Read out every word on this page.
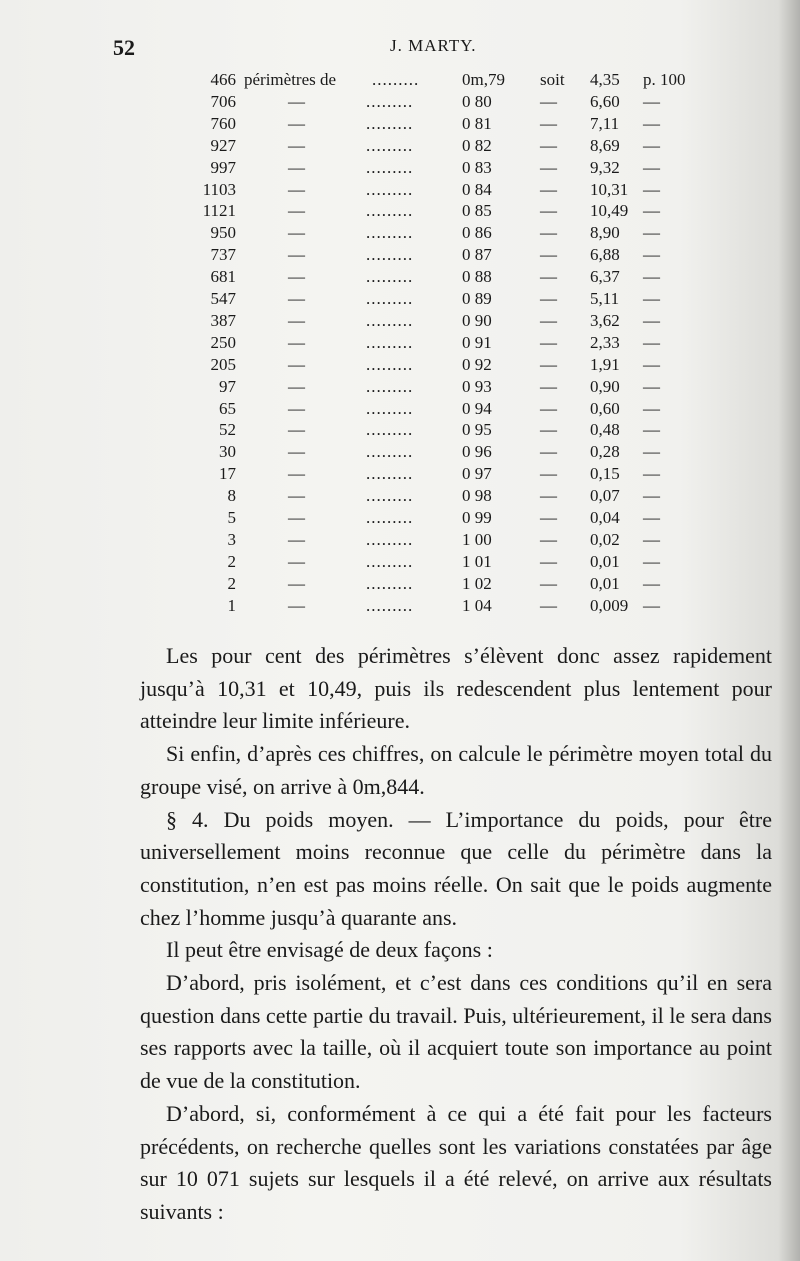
52	J. MARTY.
466 périmètres de .........	0m,79 soit 4,35 p. 100
706	—	.........	0 80	— 6,60 —
760	—	.........	0 81	— 7,11 —
927	—	.........	0 82	— 8,69 —
997	—	.........	0 83	— 9,32 —
1103	—	.........	0 84	— 10,31 —
1121	—	.........	0 85	— 10,49 —
950	—	.........	0 86	— 8,90 —
737	—	.........	0 87	— 6,88 —
681	—	.........	0 88	— 6,37 —
547	—	.........	0 89	— 5,11 —
387	—	.........	0 90	— 3,62 —
250	—	.........	0 91	— 2,33 —
205	—	.........	0 92	— 1,91 —
97	—	.........	0 93	— 0,90 —
65	—	.........	0 94	— 0,60 —
52	—	.........	0 95	— 0,48 —
30	—	.........	0 96	— 0,28 —
17	—	.........	0 97	— 0,15 —
8	—	.........	0 98	— 0,07 —
5	—	.........	0 99	— 0,04 —
3	—	.........	1 00	— 0,02 —
2	—	.........	1 01	— 0,01 —
2	—	.........	1 02	— 0,01 —
1	—	.........	1 04	— 0,009 —

Les pour cent des périmètres s’élèvent donc assez rapidement jusqu’à 10,31 et 10,49, puis ils redescendent plus lentement pour atteindre leur limite inférieure.

Si enfin, d’après ces chiffres, on calcule le périmètre moyen total du groupe visé, on arrive à 0m,844.

§ 4. Du poids moyen. — L’importance du poids, pour être universellement moins reconnue que celle du périmètre dans la constitution, n’en est pas moins réelle. On sait que le poids augmente chez l’homme jusqu’à quarante ans.

Il peut être envisagé de deux façons :

D’abord, pris isolément, et c’est dans ces conditions qu’il en sera question dans cette partie du travail. Puis, ultérieurement, il le sera dans ses rapports avec la taille, où il acquiert toute son importance au point de vue de la constitution.

D’abord, si, conformément à ce qui a été fait pour les facteurs précédents, on recherche quelles sont les variations constatées par âge sur 10 071 sujets sur lesquels il a été relevé, on arrive aux résultats suivants :
